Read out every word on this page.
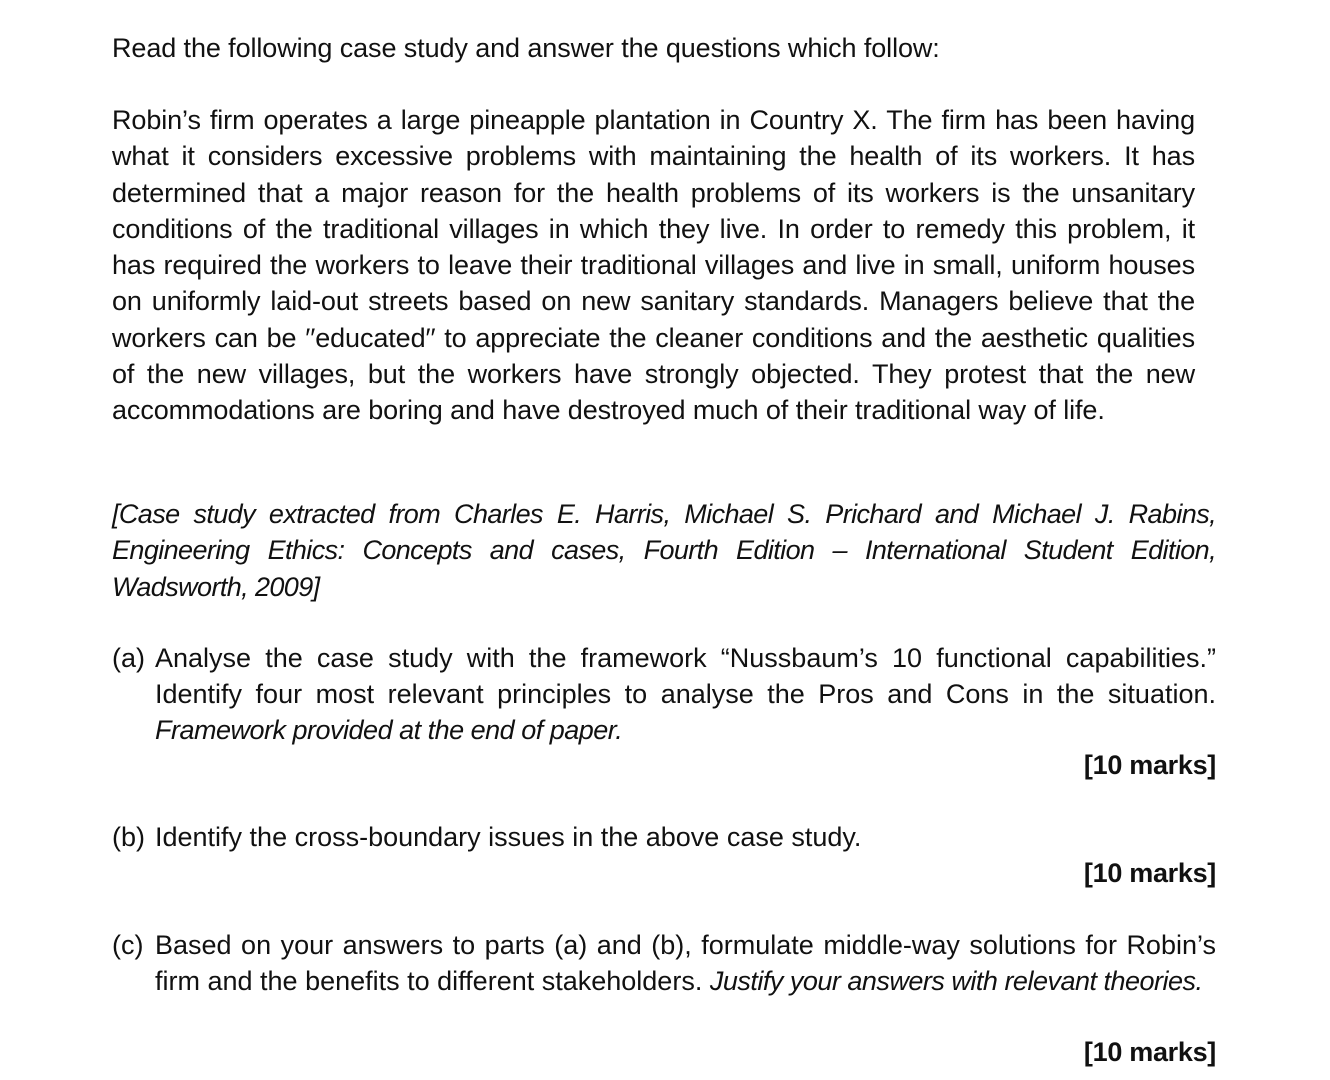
Read the following case study and answer the questions which follow:

Robin’s firm operates a large pineapple plantation in Country X. The firm has been having what it considers excessive problems with maintaining the health of its workers. It has determined that a major reason for the health problems of its workers is the unsanitary conditions of the traditional villages in which they live. In order to remedy this problem, it has required the workers to leave their traditional villages and live in small, uniform houses on uniformly laid-out streets based on new sanitary standards. Managers believe that the workers can be ′′educated′′ to appreciate the cleaner conditions and the aesthetic qualities of the new villages, but the workers have strongly objected. They protest that the new accommodations are boring and have destroyed much of their traditional way of life.

[Case study extracted from Charles E. Harris, Michael S. Prichard and Michael J. Rabins, Engineering Ethics: Concepts and cases, Fourth Edition – International Student Edition, Wadsworth, 2009]

(a) Analyse the case study with the framework “Nussbaum’s 10 functional capabilities.” Identify four most relevant principles to analyse the Pros and Cons in the situation. Framework provided at the end of paper.
[10 marks]
(b) Identify the cross-boundary issues in the above case study.
[10 marks]
(c) Based on your answers to parts (a) and (b), formulate middle-way solutions for Robin’s firm and the benefits to different stakeholders. Justify your answers with relevant theories.
[10 marks]
